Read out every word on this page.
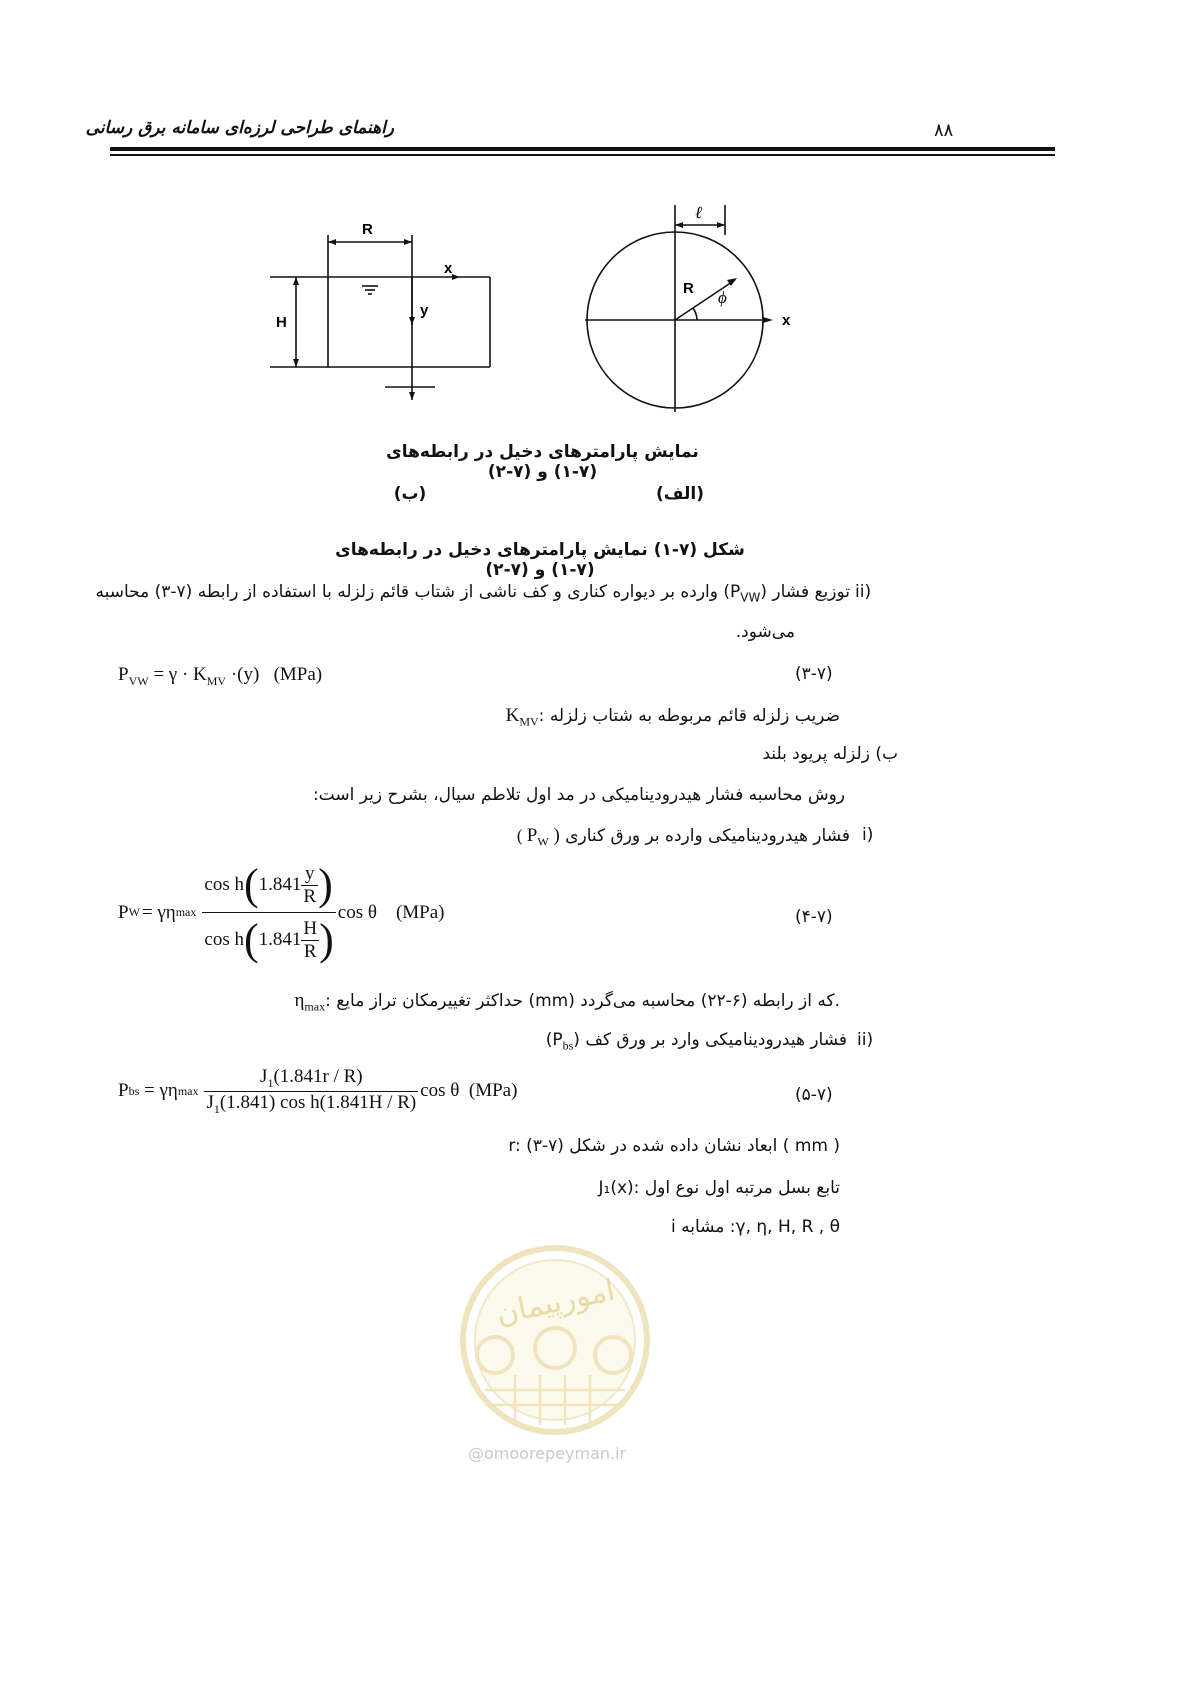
۸۸
راهنمای طراحی لرزه‌ای سامانه برق رسانی
R
x
y
H
ℓ
R ϕ
x
نمایش پارامترهای دخیل در رابطه‌های (۷-۱) و (۷-۲)
(ب)	(الف)
شکل (۷-۱) نمایش پارامترهای دخیل در رابطه‌های (۷-۱) و (۷-۲)
ii)
توزیع فشار $(P_{VW})$ وارده بر دیواره کناری و کف ناشی از شتاب قائم زلزله با استفاده از رابطه (۷-۳) محاسبه
می‌شود.
$P_{VW} = \gamma \cdot K_{MV} \cdot(y)$   (MPa)	(۳-۷)
$K_{MV}$: ضریب زلزله قائم مربوطه به شتاب زلزله
ب) زلزله پریود بلند
روش محاسبه فشار هیدرودینامیکی در مد اول تلاطم سیال، بشرح زیر است:
i)
فشار هیدرودینامیکی وارده بر ورق کناری ( $P_W$ )
P W = γη $\max \frac{\cos h ( 1.841 \frac{y}{R} )}{\cos h ( 1.841 \frac{H}{R} )}$ cos θ    (MPa)	(۴-۷)
$\eta_{max}$: حداکثر تغییرمکان تراز مایع (mm) که از رابطه (۶-۲۲) محاسبه می‌گردد.
ii)
فشار هیدرودینامیکی وارد بر ورق کف $(P_{bs})$
P bs = γη $\max \frac{J_1(1.841r / R)}{J_1(1.841) \cos h(1.841H / R)}$ cos θ  (MPa)	(۵-۷)
r: ابعاد نشان داده شده در شکل (۷-۳) ( mm )
J₁(x): تابع بسل مرتبه اول نوع اول
i مشابه :γ, η, H, R , θ
امورپیمان
@omoorepeyman.ir
